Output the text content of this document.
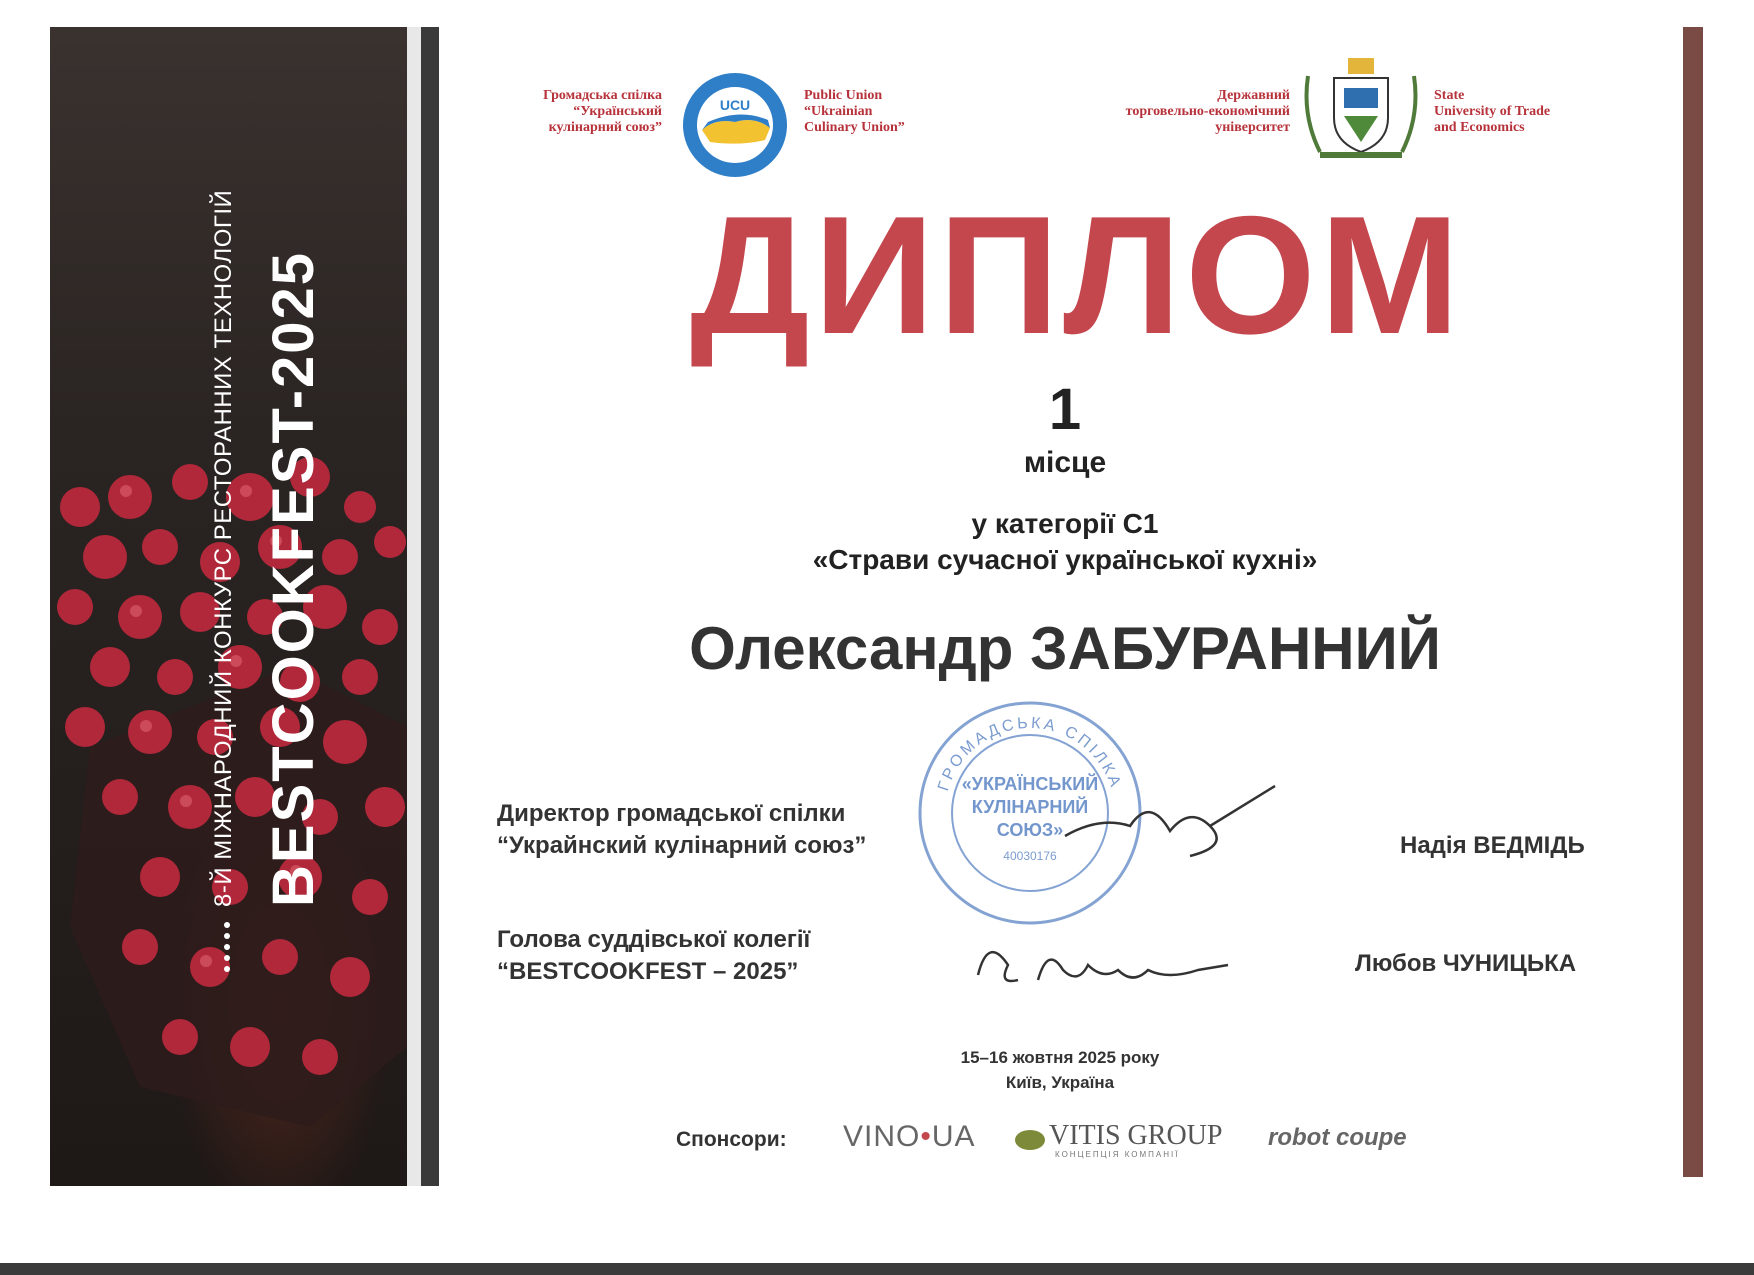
BESTCOOKFEST-2025
8-Й МІЖНАРОДНИЙ КОНКУРС РЕСТОРАННИХ ТЕХНОЛОГІЙ
Громадська спілка
“Український
кулінарний союз”
UCU
Public Union
“Ukrainian
Culinary Union”
Державний
торговельно-економічний
університет
State
University of Trade
and Economics
ДИПЛОМ
1
місце
у категорії С1
«Страви сучасної української кухні»
Олександр ЗАБУРАННИЙ
ГРОМАДСЬКА СПІЛКА
«УКРАЇНСЬКИЙ
КУЛІНАРНИЙ
СОЮЗ»
40030176
Директор громадської спілки
“Украйнский кулінарний союз”	Надія ВЕДМІДЬ
Голова суддівської колегії
“BESTCOOKFEST – 2025”	Любов ЧУНИЦЬКА
15–16 жовтня 2025 року
Київ, Україна
Спонсори: VINO•UA	VITIS GROUP
КОНЦЕПЦІЯ КОМПАНІЇ
robot coupe
